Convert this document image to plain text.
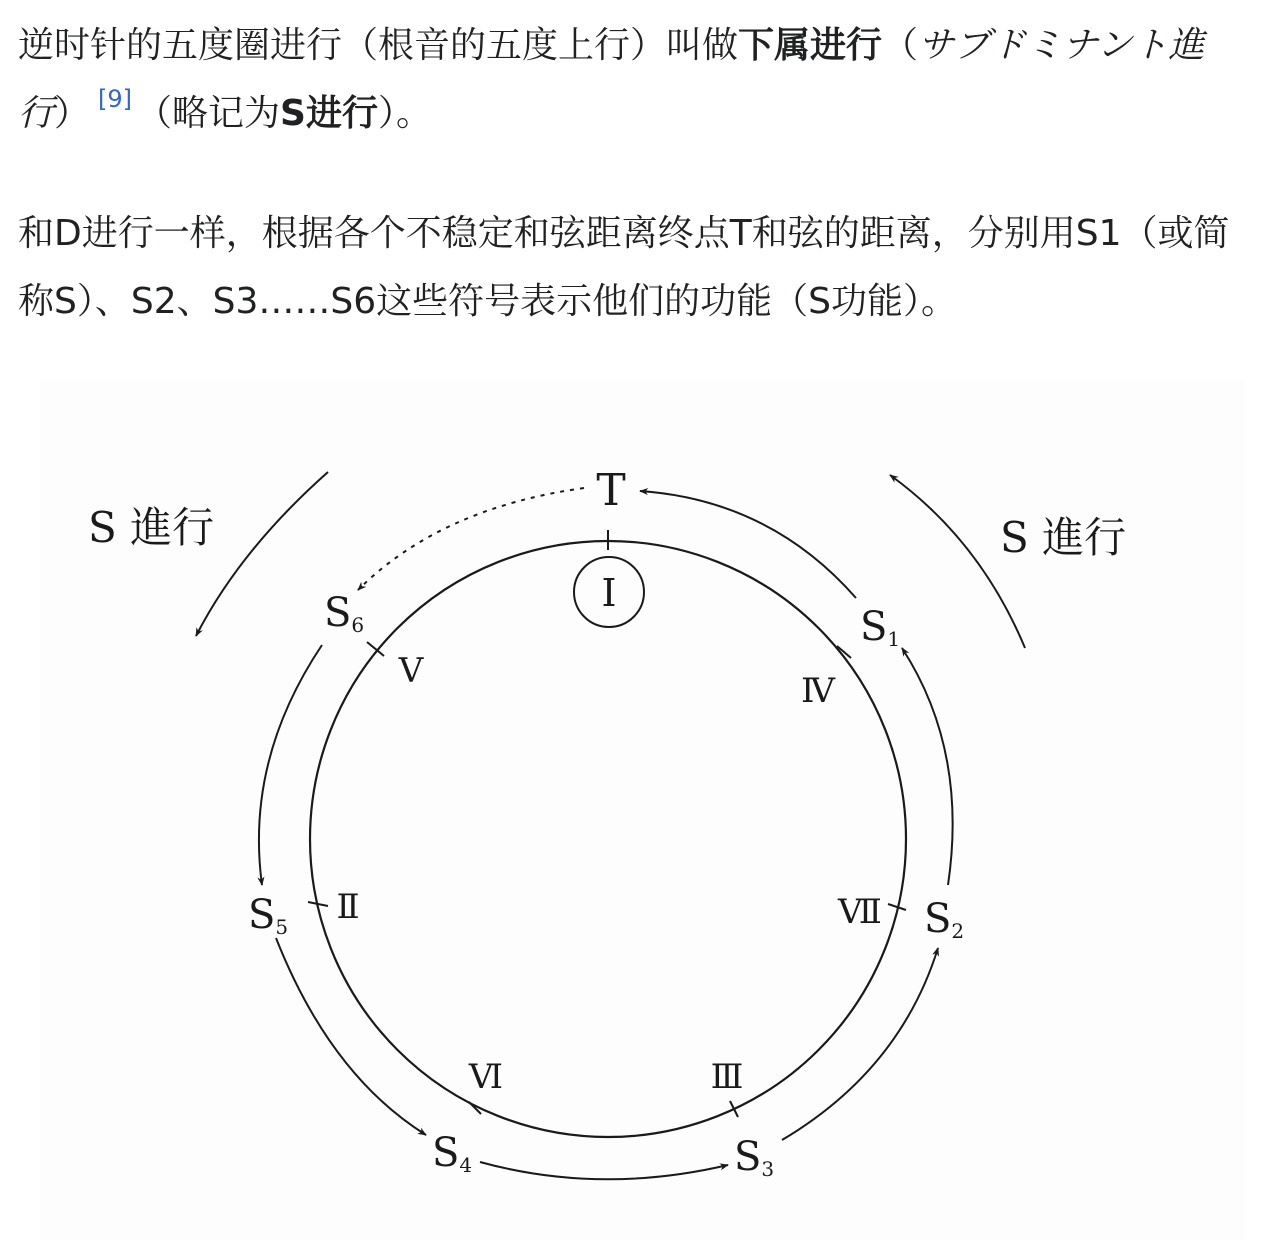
逆时针的五度圈进行（根音的五度上行）叫做下属进行（サブドミナント進行） [9] （略记为S进行）。

和D进行一样，根据各个不稳定和弦距离终点T和弦的距离，分别用S1（或简称S）、S2、S3……S6这些符号表示他们的功能（S功能）。

I
T
S 進行	S 進行
S1
S2
S3
S4
S5
S6
Ⅳ
Ⅶ
Ⅲ
Ⅵ
Ⅱ
Ⅴ
